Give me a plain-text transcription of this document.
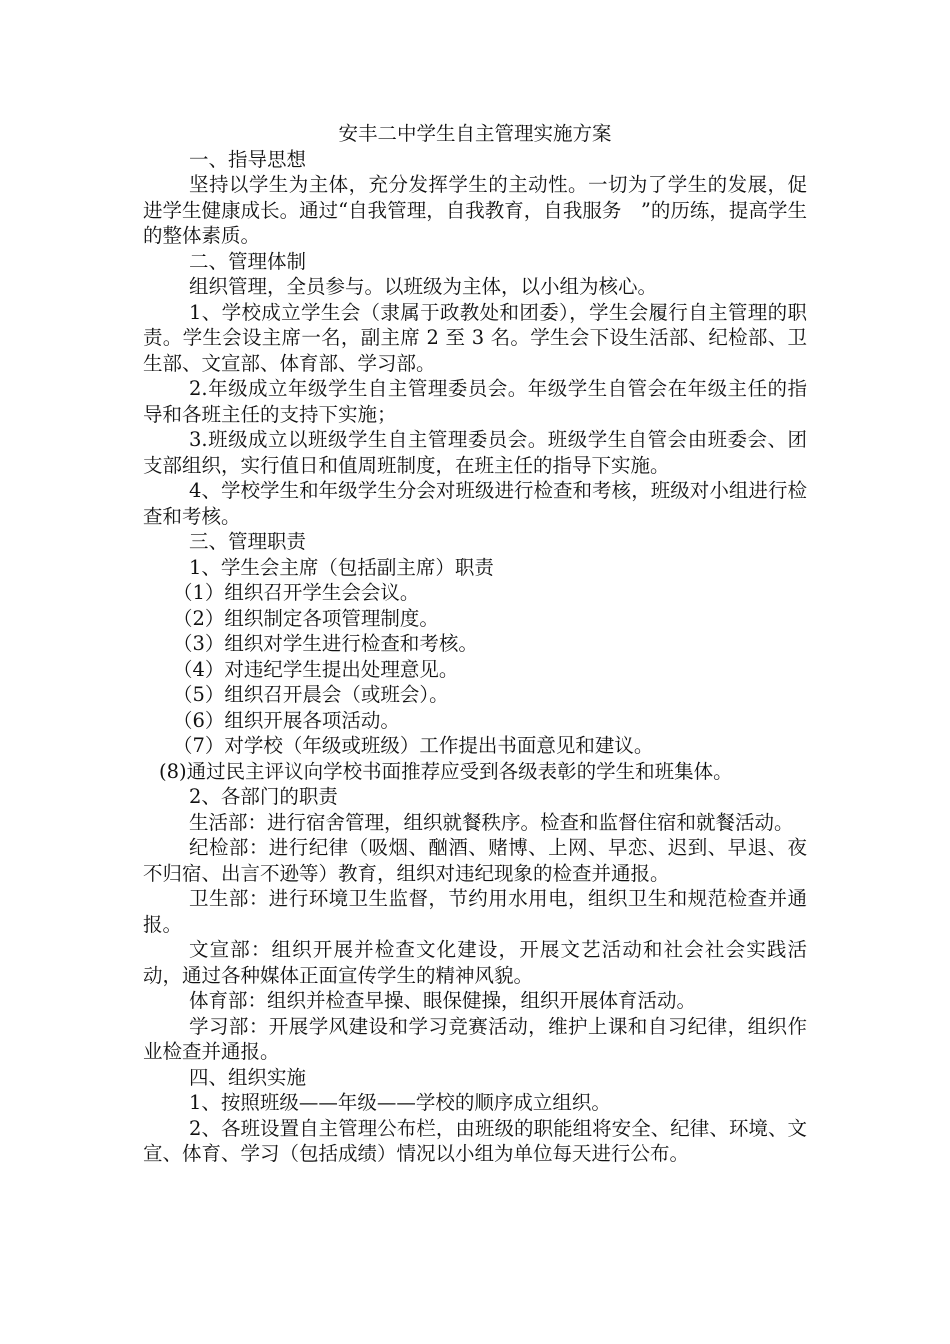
安丰二中学生自主管理实施方案

一、指导思想

坚持以学生为主体，充分发挥学生的主动性。一切为了学生的发展，促进学生健康成长。通过“自我管理，自我教育，自我服务　”的历练，提高学生的整体素质。

二、管理体制

组织管理，全员参与。以班级为主体，以小组为核心。

1、学校成立学生会（隶属于政教处和团委），学生会履行自主管理的职责。学生会设主席一名，副主席 2 至 3 名。学生会下设生活部、纪检部、卫生部、文宣部、体育部、学习部。

2.年级成立年级学生自主管理委员会。年级学生自管会在年级主任的指导和各班主任的支持下实施；

3.班级成立以班级学生自主管理委员会。班级学生自管会由班委会、团支部组织，实行值日和值周班制度，在班主任的指导下实施。

4、学校学生和年级学生分会对班级进行检查和考核，班级对小组进行检查和考核。

三、管理职责

1、学生会主席（包括副主席）职责

（1）组织召开学生会会议。

（2）组织制定各项管理制度。

（3）组织对学生进行检查和考核。

（4）对违纪学生提出处理意见。

（5）组织召开晨会（或班会）。

（6）组织开展各项活动。

（7）对学校（年级或班级）工作提出书面意见和建议。

(8)通过民主评议向学校书面推荐应受到各级表彰的学生和班集体。

2、各部门的职责

生活部：进行宿舍管理，组织就餐秩序。检查和监督住宿和就餐活动。

纪检部：进行纪律（吸烟、酗酒、赌博、上网、早恋、迟到、早退、夜不归宿、出言不逊等）教育，组织对违纪现象的检查并通报。

卫生部：进行环境卫生监督，节约用水用电，组织卫生和规范检查并通报。

文宣部：组织开展并检查文化建设，开展文艺活动和社会社会实践活动，通过各种媒体正面宣传学生的精神风貌。

体育部：组织并检查早操、眼保健操，组织开展体育活动。

学习部：开展学风建设和学习竞赛活动，维护上课和自习纪律，组织作业检查并通报。

四、组织实施

1、按照班级——年级——学校的顺序成立组织。

2、各班设置自主管理公布栏，由班级的职能组将安全、纪律、环境、文宣、体育、学习（包括成绩）情况以小组为单位每天进行公布。
